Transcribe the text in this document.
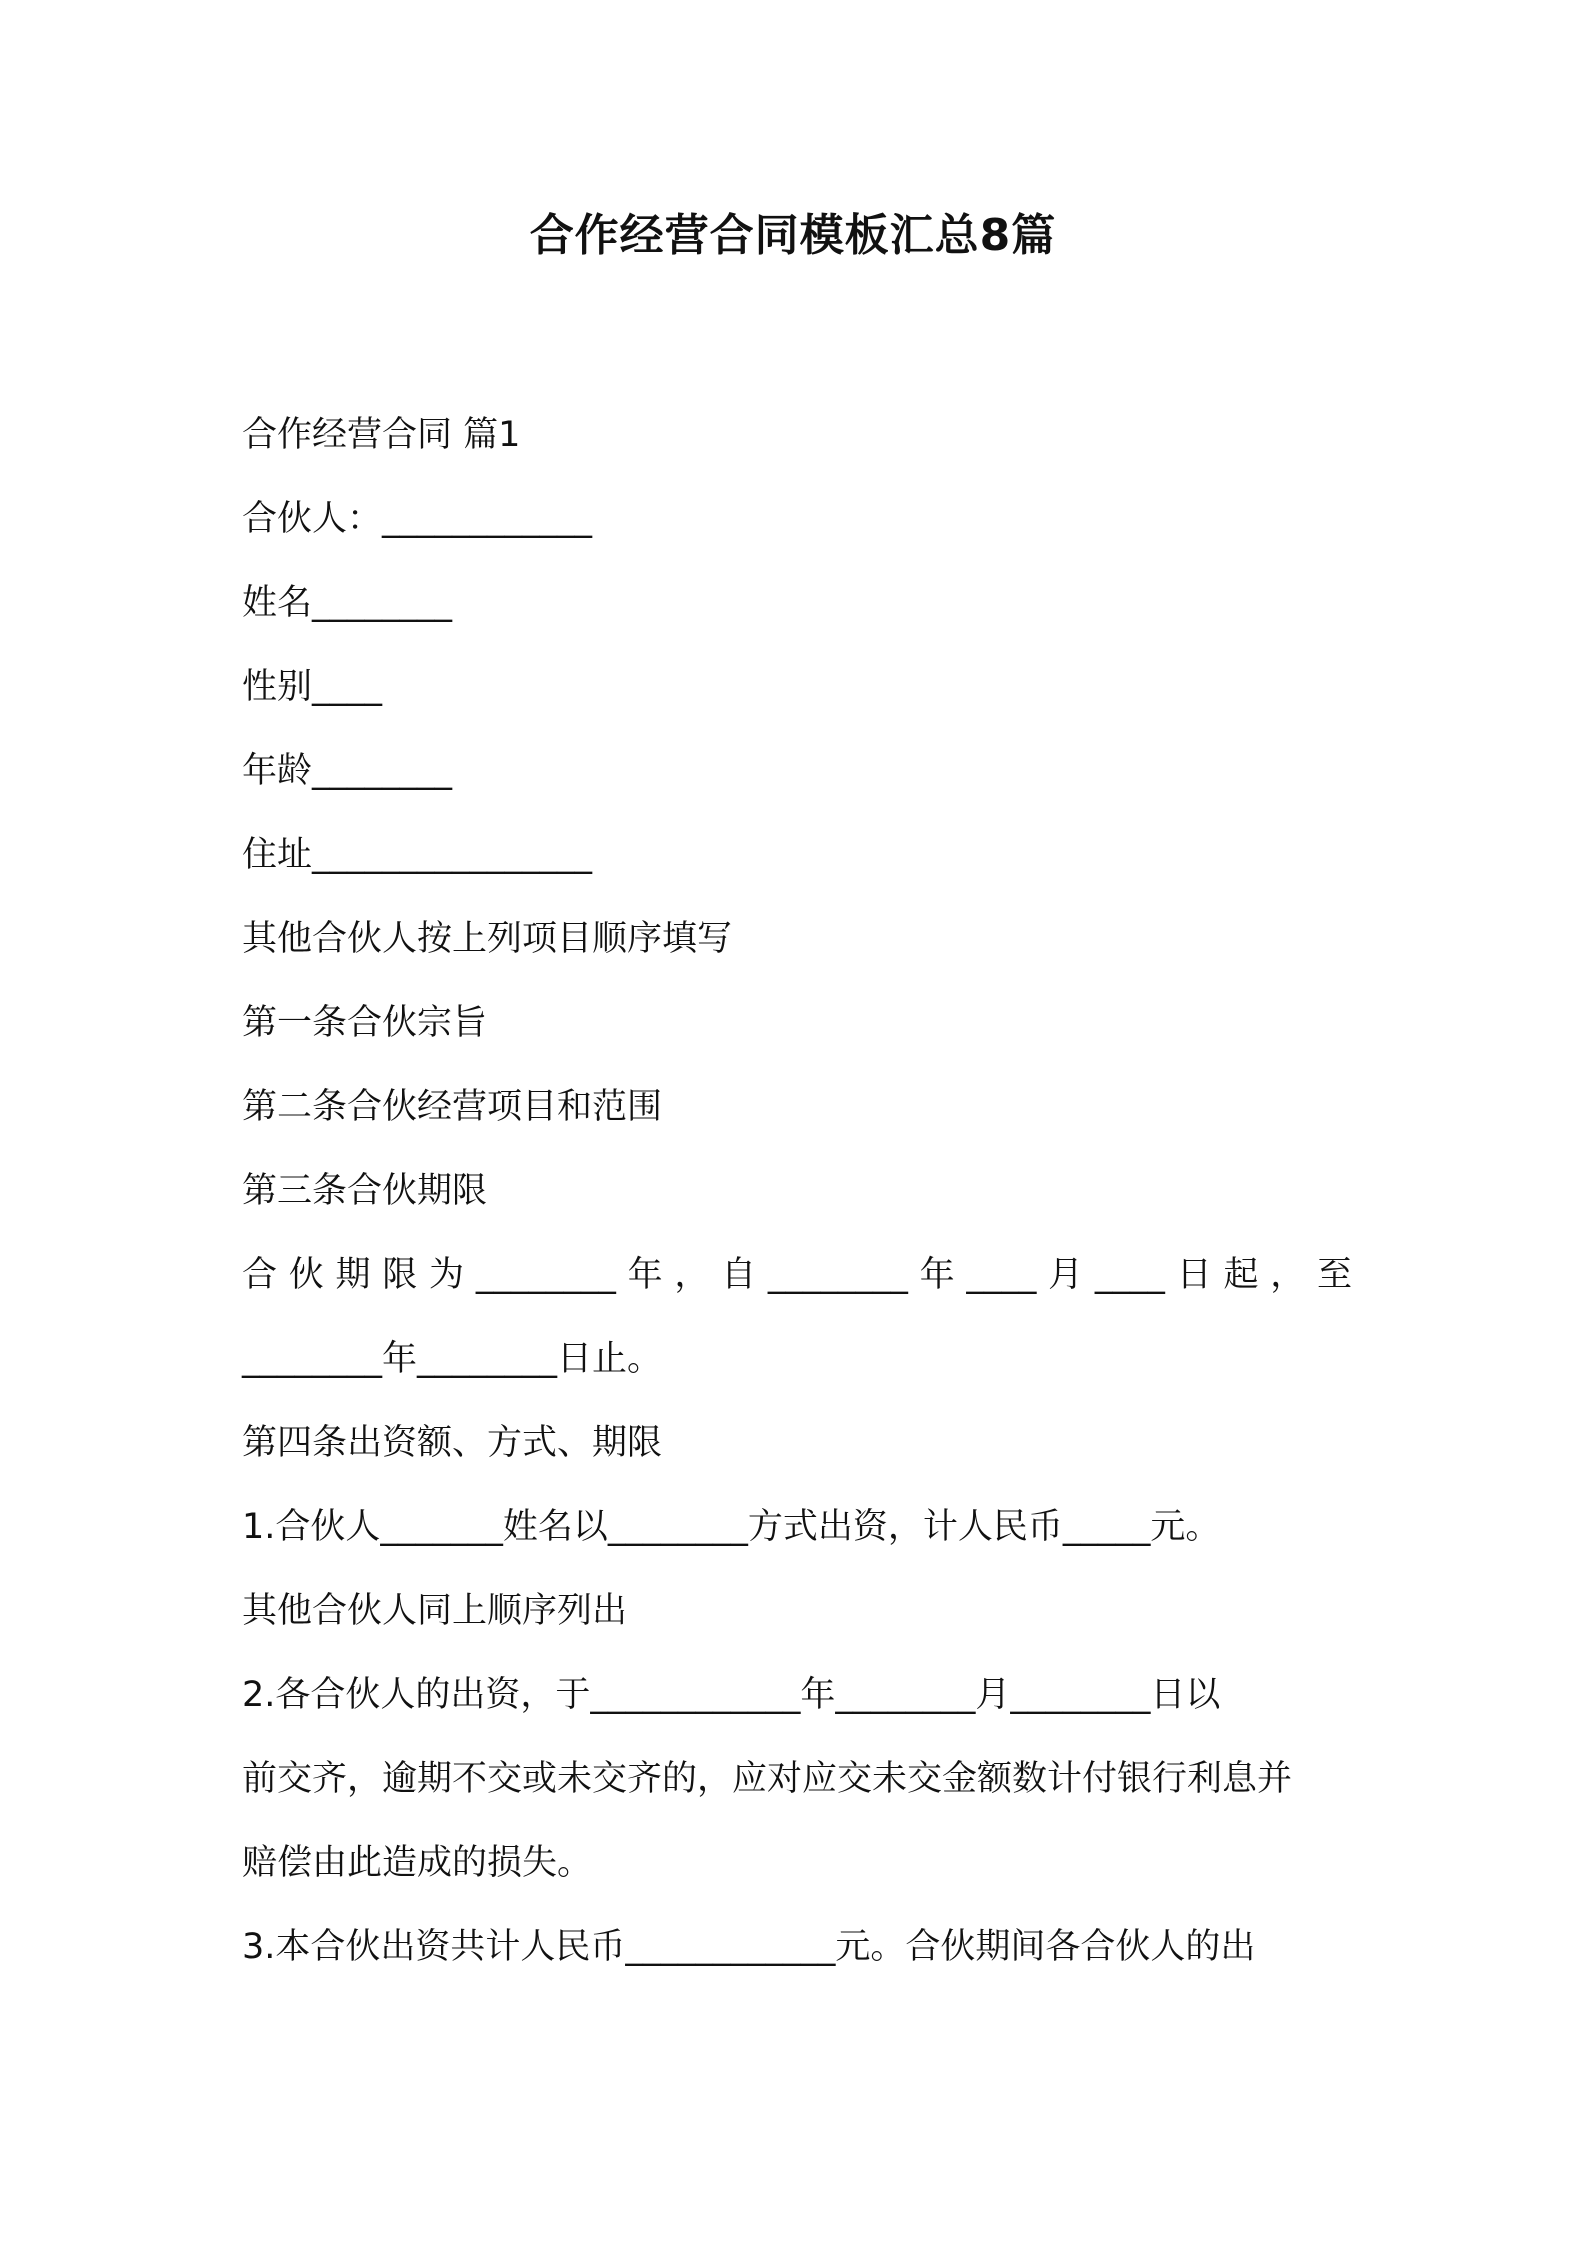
合作经营合同模板汇总8篇
合作经营合同 篇1
合伙人：____________
姓名________
性别____
年龄________
住址________________
其他合伙人按上列项目顺序填写
第一条合伙宗旨
第二条合伙经营项目和范围
第三条合伙期限
合伙期限为________年，自________年____月____日起，至
________年________日止。
第四条出资额、方式、期限
1.合伙人_______姓名以________方式出资，计人民币_____元。
其他合伙人同上顺序列出
2.各合伙人的出资，于____________年________月________日以
前交齐，逾期不交或未交齐的，应对应交未交金额数计付银行利息并
赔偿由此造成的损失。
3.本合伙出资共计人民币____________元。合伙期间各合伙人的出
